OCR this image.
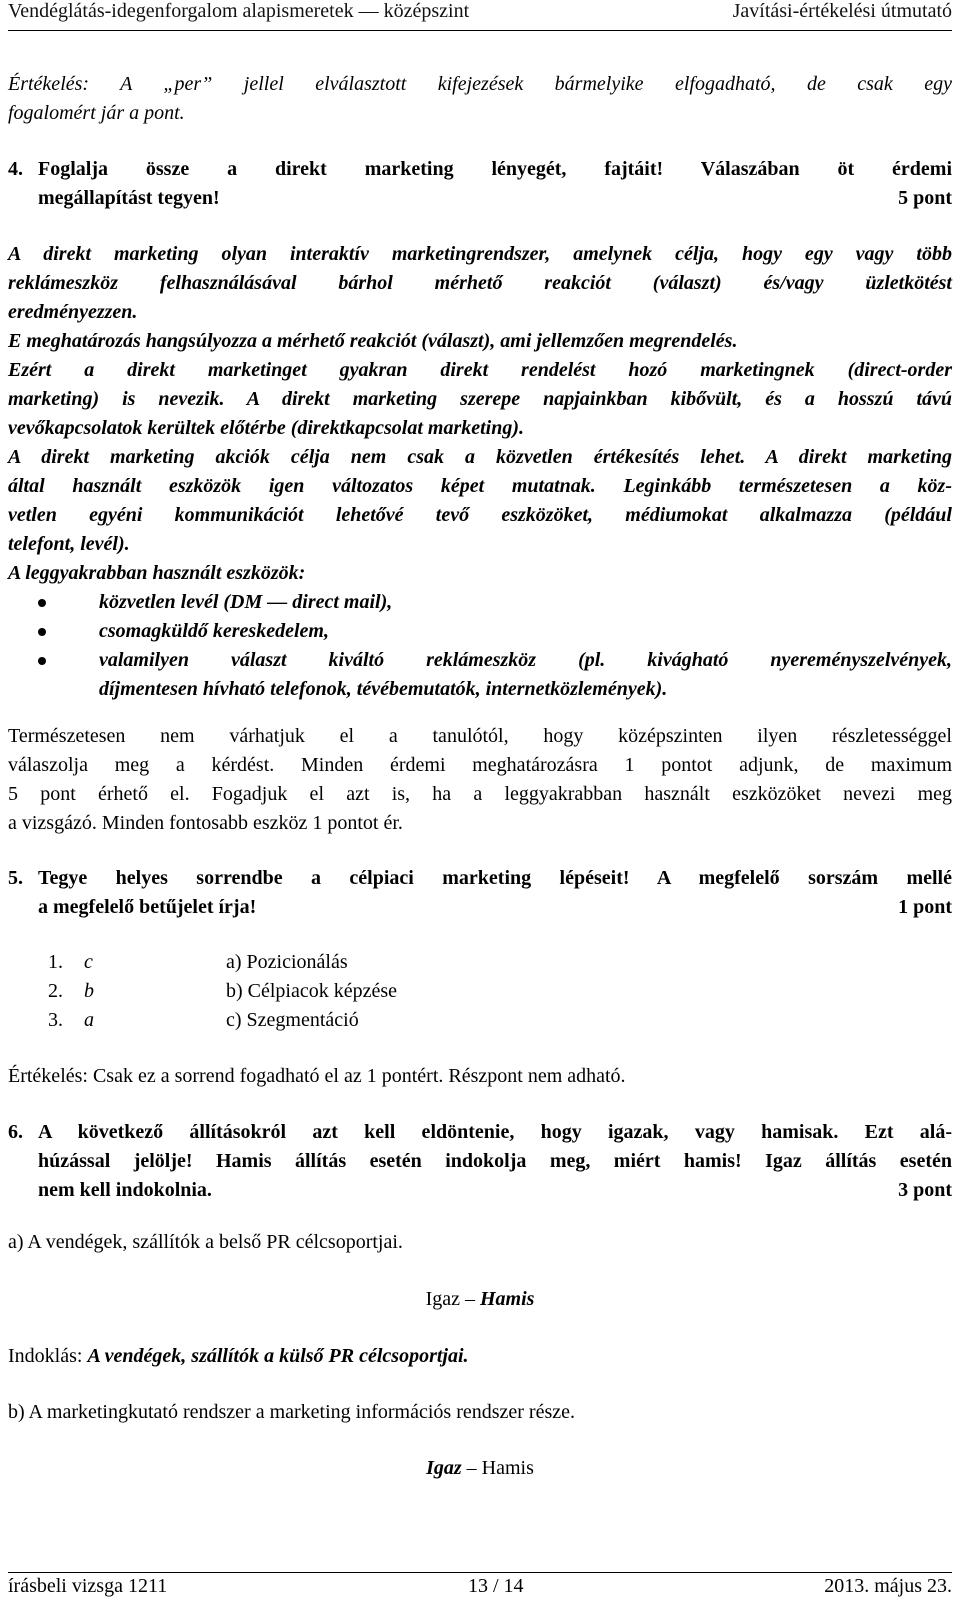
Vendéglátás-idegenforgalom alapismeretek — középszint	Javítási-értékelési útmutató
Értékelés: A „per” jellel elválasztott kifejezések bármelyike elfogadható, de csak egy
fogalomért jár a pont.
4. Foglalja össze a direkt marketing lényegét, fajtáit! Válaszában öt érdemi
megállapítást tegyen!	5 pont
A direkt marketing olyan interaktív marketingrendszer, amelynek célja, hogy egy vagy több
reklámeszköz felhasználásával bárhol mérhető reakciót (választ) és/vagy üzletkötést
eredményezzen.
E meghatározás hangsúlyozza a mérhető reakciót (választ), ami jellemzően megrendelés.
Ezért a direkt marketinget gyakran direkt rendelést hozó marketingnek (direct-order
marketing) is nevezik. A direkt marketing szerepe napjainkban kibővült, és a hosszú távú
vevőkapcsolatok kerültek előtérbe (direktkapcsolat marketing).
A direkt marketing akciók célja nem csak a közvetlen értékesítés lehet. A direkt marketing
által használt eszközök igen változatos képet mutatnak. Leginkább természetesen a köz-
vetlen egyéni kommunikációt lehetővé tevő eszközöket, médiumokat alkalmazza (például
telefont, levél).
A leggyakrabban használt eszközök:
közvetlen levél (DM — direct mail),
csomagküldő kereskedelem,
valamilyen választ kiváltó reklámeszköz (pl. kivágható nyereményszelvények,
díjmentesen hívható telefonok, tévébemutatók, internetközlemények).
Természetesen nem várhatjuk el a tanulótól, hogy középszinten ilyen részletességgel
válaszolja meg a kérdést. Minden érdemi meghatározásra 1 pontot adjunk, de maximum
5 pont érhető el. Fogadjuk el azt is, ha a leggyakrabban használt eszközöket nevezi meg
a vizsgázó. Minden fontosabb eszköz 1 pontot ér.
5. Tegye helyes sorrendbe a célpiaci marketing lépéseit! A megfelelő sorszám mellé
a megfelelő betűjelet írja!	1 pont
1.	c	a) Pozicionálás
2.	b	b) Célpiacok képzése
3.	a	c) Szegmentáció
Értékelés: Csak ez a sorrend fogadható el az 1 pontért. Részpont nem adható.
6. A következő állításokról azt kell eldöntenie, hogy igazak, vagy hamisak. Ezt alá-
húzással jelölje! Hamis állítás esetén indokolja meg, miért hamis! Igaz állítás esetén
nem kell indokolnia.	3 pont
a) A vendégek, szállítók a belső PR célcsoportjai.
Igaz – Hamis
Indoklás: A vendégek, szállítók a külső PR célcsoportjai.
b) A marketingkutató rendszer a marketing információs rendszer része.
Igaz – Hamis
írásbeli vizsga 1211	13 / 14	2013. május 23.
